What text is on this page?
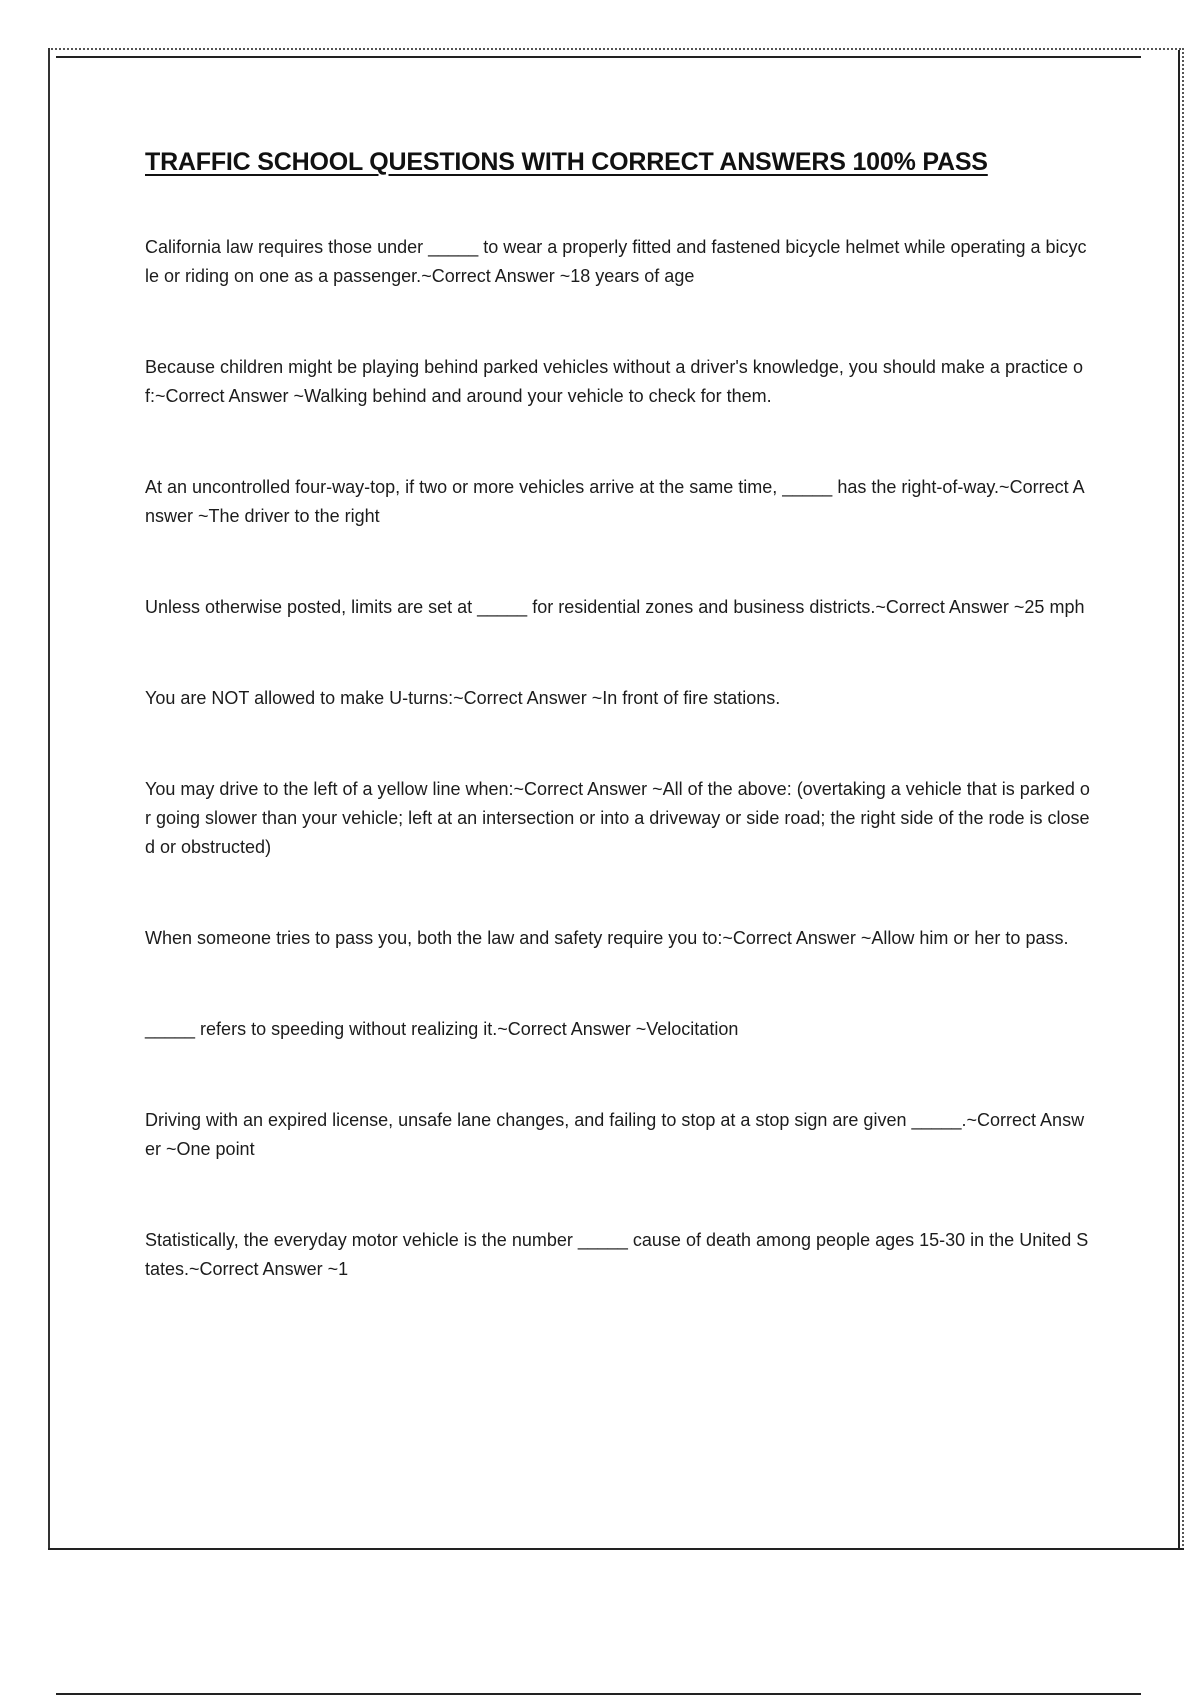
TRAFFIC SCHOOL QUESTIONS WITH CORRECT ANSWERS 100% PASS
California law requires those under _____ to wear a properly fitted and fastened bicycle helmet while operating a bicycle or riding on one as a passenger.~Correct Answer ~18 years of age
Because children might be playing behind parked vehicles without a driver's knowledge, you should make a practice of:~Correct Answer ~Walking behind and around your vehicle to check for them.
At an uncontrolled four-way-top, if two or more vehicles arrive at the same time, _____ has the right-of-way.~Correct Answer ~The driver to the right
Unless otherwise posted, limits are set at _____ for residential zones and business districts.~Correct Answer ~25 mph
You are NOT allowed to make U-turns:~Correct Answer ~In front of fire stations.
You may drive to the left of a yellow line when:~Correct Answer ~All of the above: (overtaking a vehicle that is parked or going slower than your vehicle; left at an intersection or into a driveway or side road; the right side of the rode is closed or obstructed)
When someone tries to pass you, both the law and safety require you to:~Correct Answer ~Allow him or her to pass.
_____ refers to speeding without realizing it.~Correct Answer ~Velocitation
Driving with an expired license, unsafe lane changes, and failing to stop at a stop sign are given _____.~Correct Answer ~One point
Statistically, the everyday motor vehicle is the number _____ cause of death among people ages 15-30 in the United States.~Correct Answer ~1
